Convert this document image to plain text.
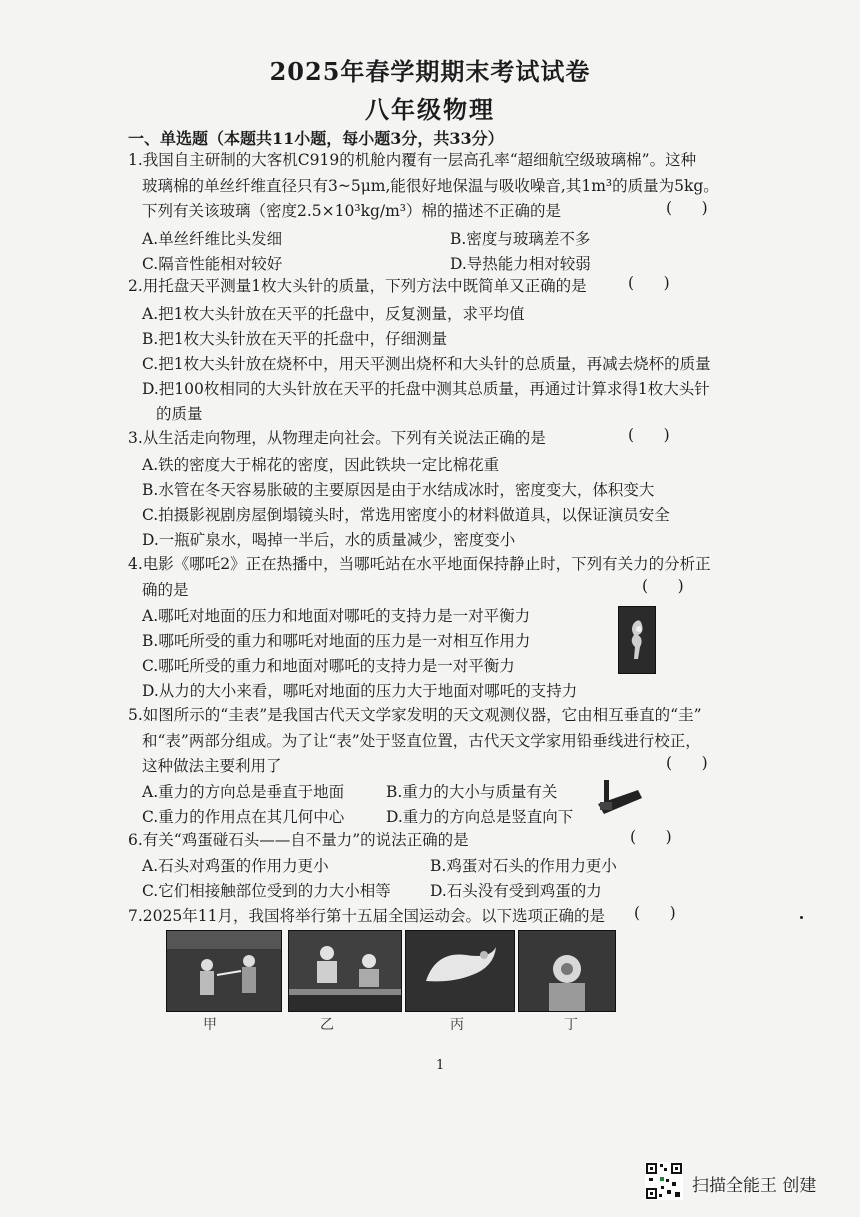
2025年春学期期末考试试卷
八年级物理
一、单选题（本题共11小题，每小题3分，共33分）
1.我国自主研制的大客机C919的机舱内覆有一层高孔率“超细航空级玻璃棉”。这种
玻璃棉的单丝纤维直径只有3~5μm,能很好地保温与吸收噪音,其1m³的质量为5kg。
下列有关该玻璃（密度2.5×10³kg/m³）棉的描述不正确的是	(      )
A.单丝纤维比头发细	B.密度与玻璃差不多
C.隔音性能相对较好	D.导热能力相对较弱
2.用托盘天平测量1枚大头针的质量，下列方法中既简单又正确的是	(      )
A.把1枚大头针放在天平的托盘中，反复测量，求平均值
B.把1枚大头针放在天平的托盘中，仔细测量
C.把1枚大头针放在烧杯中，用天平测出烧杯和大头针的总质量，再减去烧杯的质量
D.把100枚相同的大头针放在天平的托盘中测其总质量，再通过计算求得1枚大头针
的质量
3.从生活走向物理，从物理走向社会。下列有关说法正确的是	(      )
A.铁的密度大于棉花的密度，因此铁块一定比棉花重
B.水管在冬天容易胀破的主要原因是由于水结成冰时，密度变大，体积变大
C.拍摄影视剧房屋倒塌镜头时，常选用密度小的材料做道具，以保证演员安全
D.一瓶矿泉水，喝掉一半后，水的质量减少，密度变小
4.电影《哪吒2》正在热播中，当哪吒站在水平地面保持静止时，下列有关力的分析正
确的是	(      )
A.哪吒对地面的压力和地面对哪吒的支持力是一对平衡力
B.哪吒所受的重力和哪吒对地面的压力是一对相互作用力
C.哪吒所受的重力和地面对哪吒的支持力是一对平衡力
D.从力的大小来看，哪吒对地面的压力大于地面对哪吒的支持力
5.如图所示的“圭表”是我国古代天文学家发明的天文观测仪器，它由相互垂直的“圭”
和“表”两部分组成。为了让“表”处于竖直位置，古代天文学家用铅垂线进行校正，
这种做法主要利用了	(      )
A.重力的方向总是垂直于地面	B.重力的大小与质量有关
C.重力的作用点在其几何中心	D.重力的方向总是竖直向下
6.有关“鸡蛋碰石头——自不量力”的说法正确的是	(      )
A.石头对鸡蛋的作用力更小	B.鸡蛋对石头的作用力更小
C.它们相接触部位受到的力大小相等	D.石头没有受到鸡蛋的力
7.2025年11月，我国将举行第十五届全国运动会。以下选项正确的是	(      )
甲	乙	丙	丁
1
扫描全能王 创建
